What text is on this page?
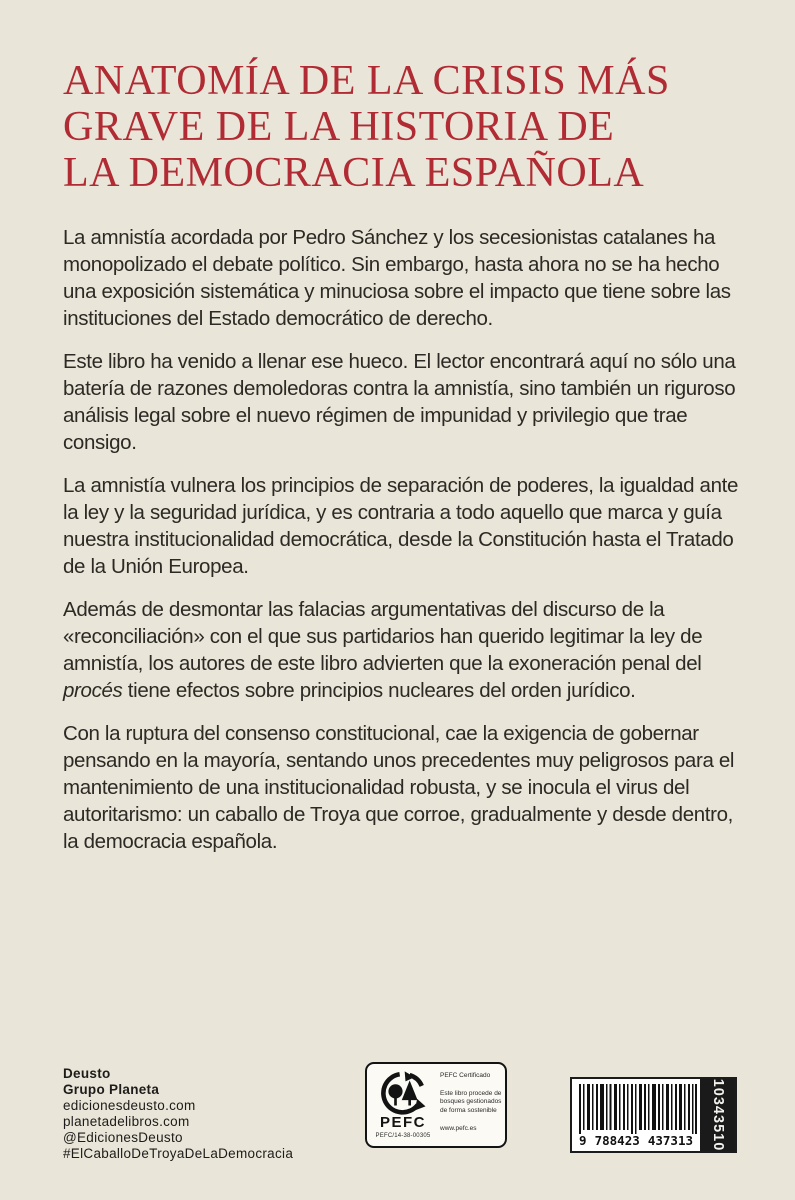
ANATOMÍA DE LA CRISIS MÁS
GRAVE DE LA HISTORIA DE
LA DEMOCRACIA ESPAÑOLA

La amnistía acordada por Pedro Sánchez y los secesionistas catalanes ha monopolizado el debate político. Sin embargo, hasta ahora no se ha hecho una exposición sistemática y minuciosa sobre el impacto que tiene sobre las instituciones del Estado democrático de derecho.

Este libro ha venido a llenar ese hueco. El lector encontrará aquí no sólo una batería de razones demoledoras contra la amnistía, sino también un riguroso análisis legal sobre el nuevo régimen de impunidad y privilegio que trae consigo.

La amnistía vulnera los principios de separación de poderes, la igualdad ante la ley y la seguridad jurídica, y es contraria a todo aquello que marca y guía nuestra institucionalidad democrática, desde la Constitución hasta el Tratado de la Unión Europea.

Además de desmontar las falacias argumentativas del discurso de la «reconciliación» con el que sus partidarios han querido legitimar la ley de amnistía, los autores de este libro advierten que la exoneración penal del procés tiene efectos sobre principios nucleares del orden jurídico.

Con la ruptura del consenso constitucional, cae la exigencia de gobernar pensando en la mayoría, sentando unos precedentes muy peligrosos para el mantenimiento de una institucionalidad robusta, y se inocula el virus del autoritarismo: un caballo de Troya que corroe, gradualmente y desde dentro, la democracia española.

Deusto
Grupo Planeta
edicionesdeusto.com
planetadelibros.com
@EdicionesDeusto
#ElCaballoDeTroyaDeLaDemocracia
PEFC
PEFC/14-38-00305
PEFC Certificado
Este libro procede de bosques gestionados de forma sostenible
www.pefc.es
9 788423 437313 10343510
